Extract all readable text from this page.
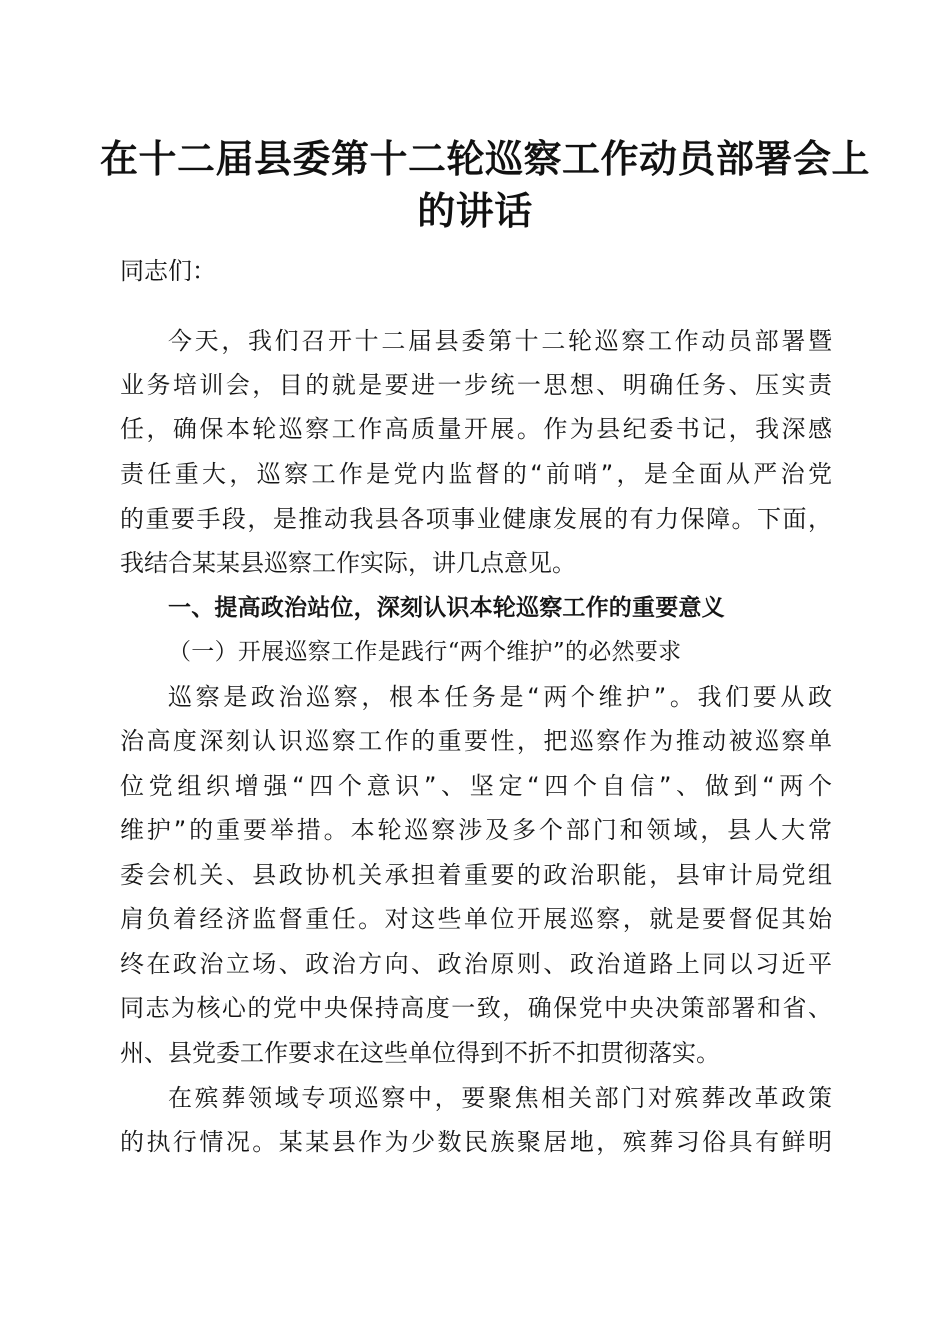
在十二届县委第十二轮巡察工作动员部署会上
的讲话
同志们：
今天，我们召开十二届县委第十二轮巡察工作动员部署暨
业务培训会，目的就是要进一步统一思想、明确任务、压实责
任，确保本轮巡察工作高质量开展。作为县纪委书记，我深感
责任重大，巡察工作是党内监督的“前哨”，是全面从严治党
的重要手段，是推动我县各项事业健康发展的有力保障。下面，
我结合某某县巡察工作实际，讲几点意见。
一、提高政治站位，深刻认识本轮巡察工作的重要意义
（一）开展巡察工作是践行“两个维护”的必然要求
巡察是政治巡察，根本任务是“两个维护”。我们要从政
治高度深刻认识巡察工作的重要性，把巡察作为推动被巡察单
位党组织增强“四个意识”、坚定“四个自信”、做到“两个
维护”的重要举措。本轮巡察涉及多个部门和领域，县人大常
委会机关、县政协机关承担着重要的政治职能，县审计局党组
肩负着经济监督重任。对这些单位开展巡察，就是要督促其始
终在政治立场、政治方向、政治原则、政治道路上同以习近平
同志为核心的党中央保持高度一致，确保党中央决策部署和省、
州、县党委工作要求在这些单位得到不折不扣贯彻落实。
在殡葬领域专项巡察中，要聚焦相关部门对殡葬改革政策
的执行情况。某某县作为少数民族聚居地，殡葬习俗具有鲜明
